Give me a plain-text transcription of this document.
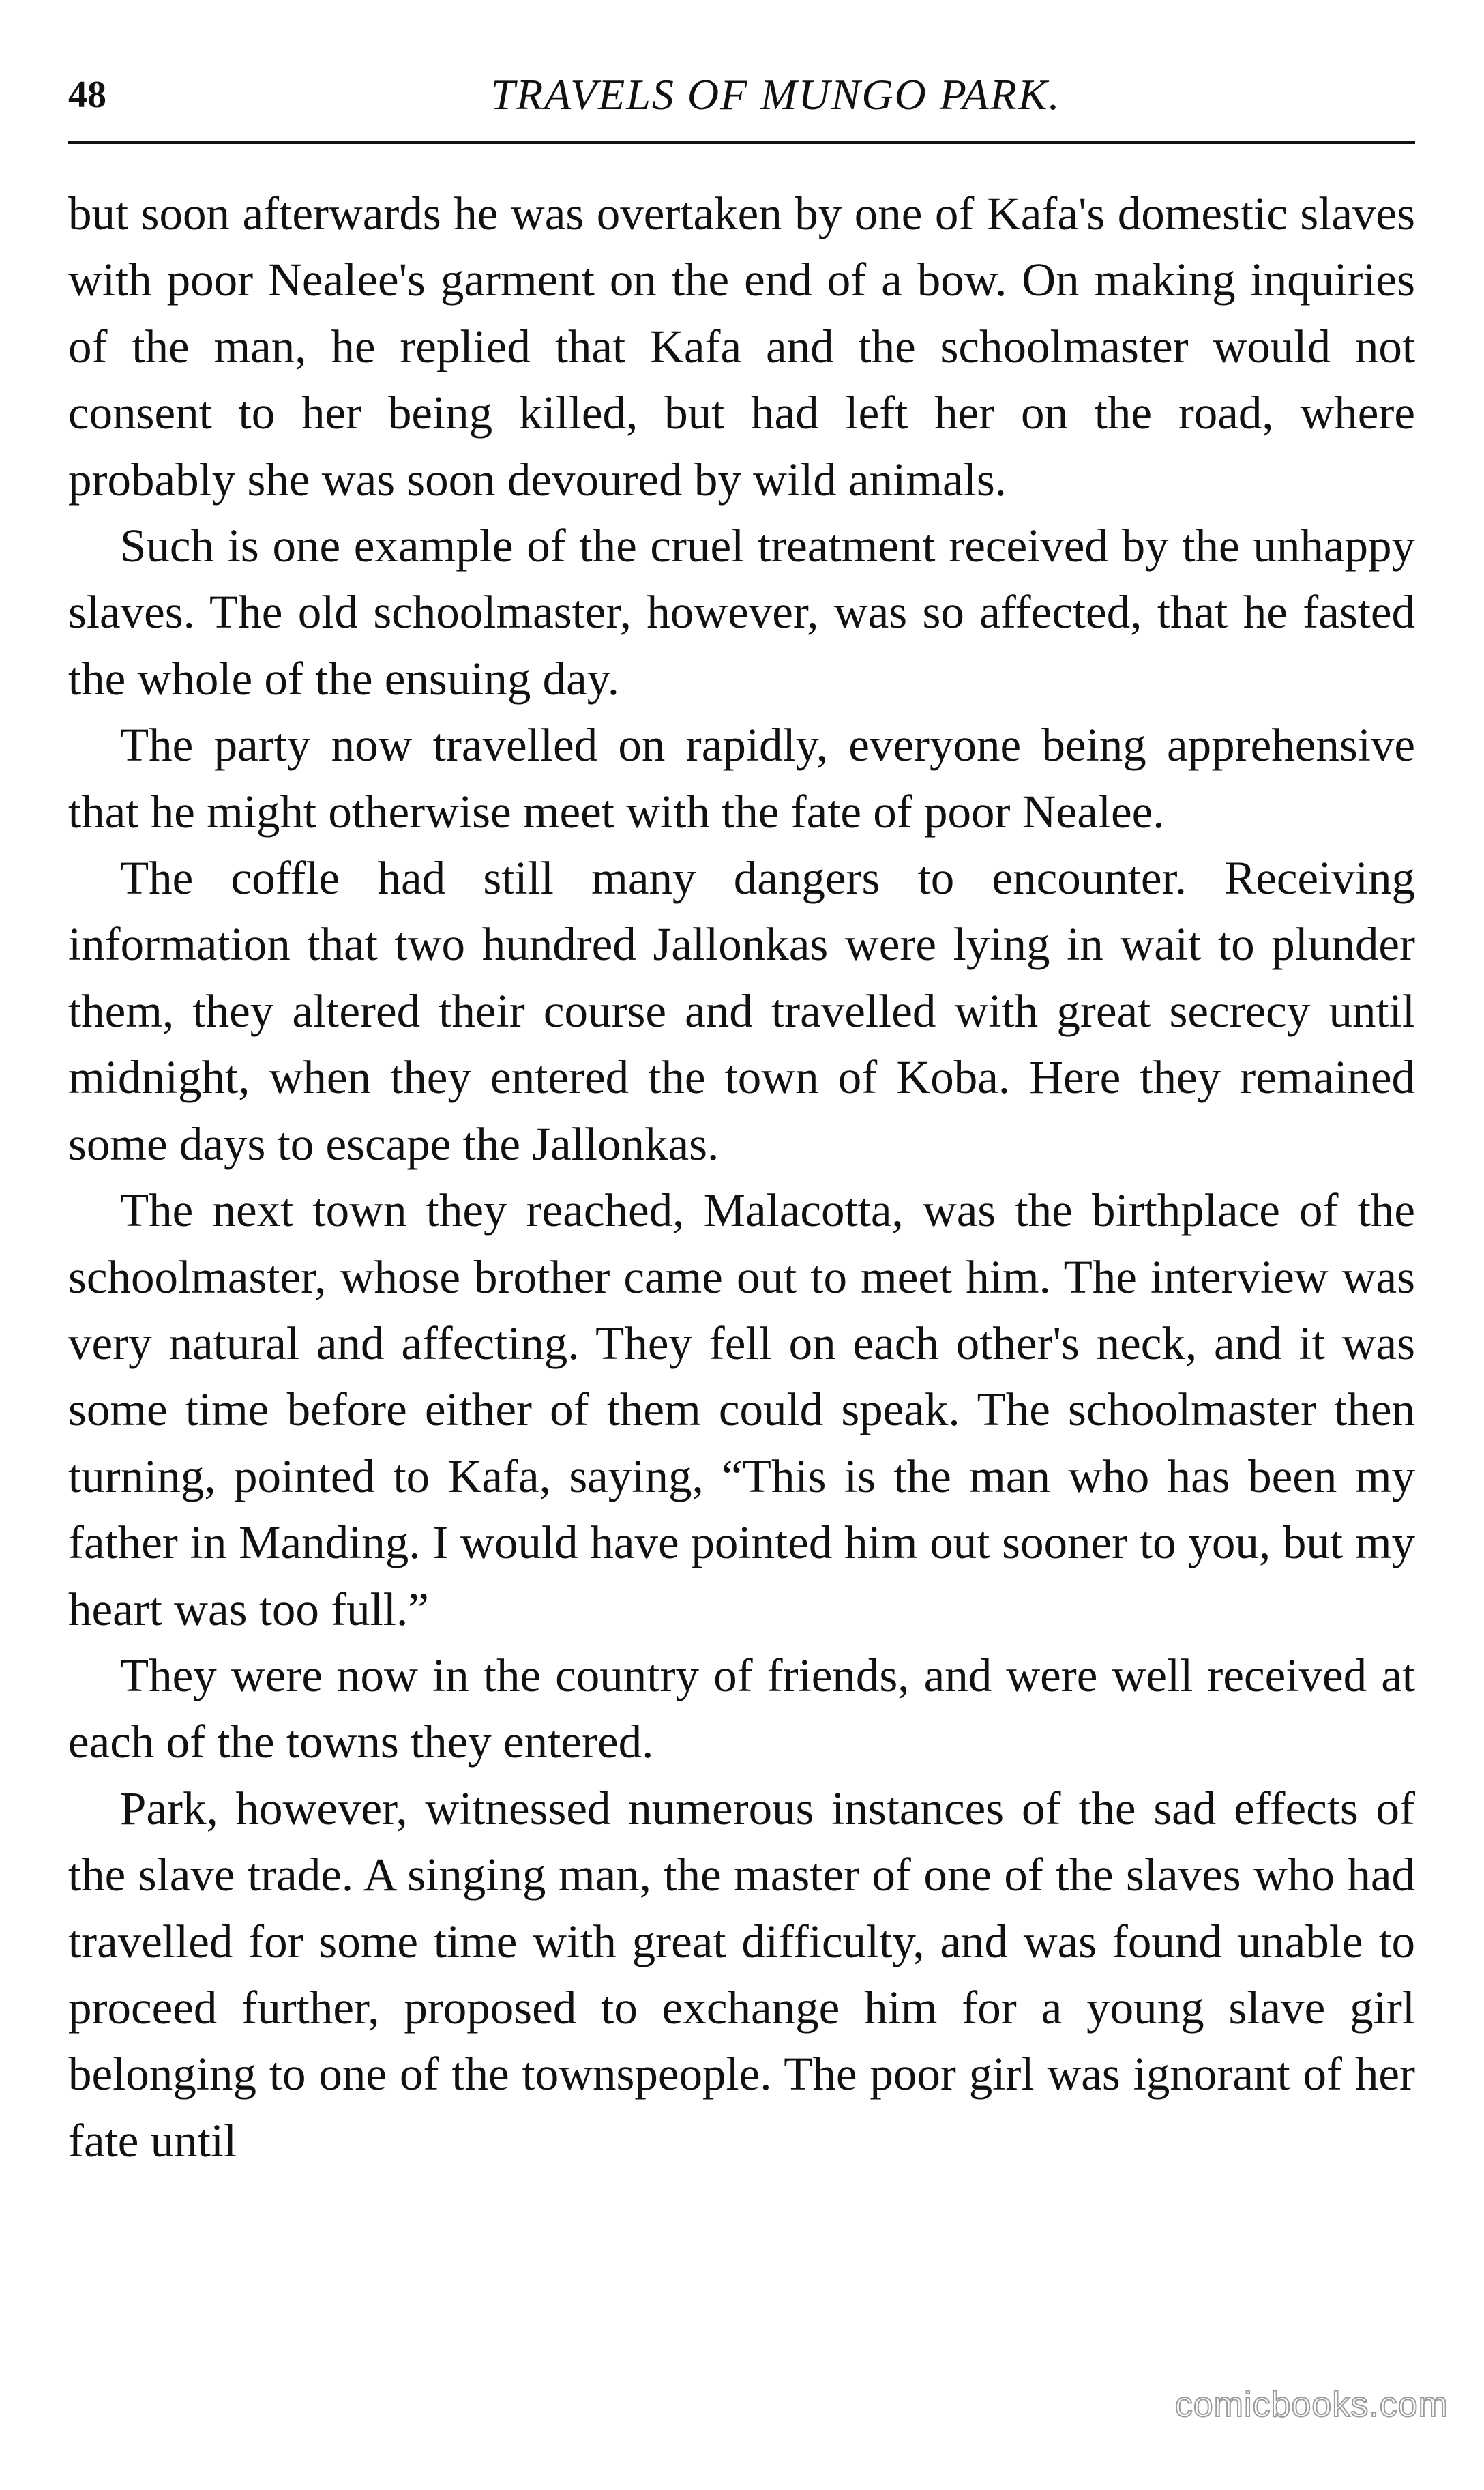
48	TRAVELS OF MUNGO PARK.

but soon afterwards he was overtaken by one of Kafa's domestic slaves with poor Nealee's garment on the end of a bow. On making inquiries of the man, he replied that Kafa and the schoolmaster would not consent to her being killed, but had left her on the road, where probably she was soon devoured by wild animals.

Such is one example of the cruel treatment received by the unhappy slaves. The old schoolmaster, however, was so affected, that he fasted the whole of the ensuing day.

The party now travelled on rapidly, everyone being apprehensive that he might otherwise meet with the fate of poor Nealee.

The coffle had still many dangers to encounter. Receiving information that two hundred Jallonkas were lying in wait to plunder them, they altered their course and travelled with great secrecy until midnight, when they entered the town of Koba. Here they remained some days to escape the Jallonkas.

The next town they reached, Malacotta, was the birthplace of the schoolmaster, whose brother came out to meet him. The interview was very natural and affecting. They fell on each other's neck, and it was some time before either of them could speak. The schoolmaster then turning, pointed to Kafa, saying, “This is the man who has been my father in Manding. I would have pointed him out sooner to you, but my heart was too full.”

They were now in the country of friends, and were well received at each of the towns they entered.

Park, however, witnessed numerous instances of the sad effects of the slave trade. A singing man, the master of one of the slaves who had travelled for some time with great difficulty, and was found unable to proceed further, proposed to exchange him for a young slave girl belonging to one of the townspeople. The poor girl was ignorant of her fate until

comicbooks.com
